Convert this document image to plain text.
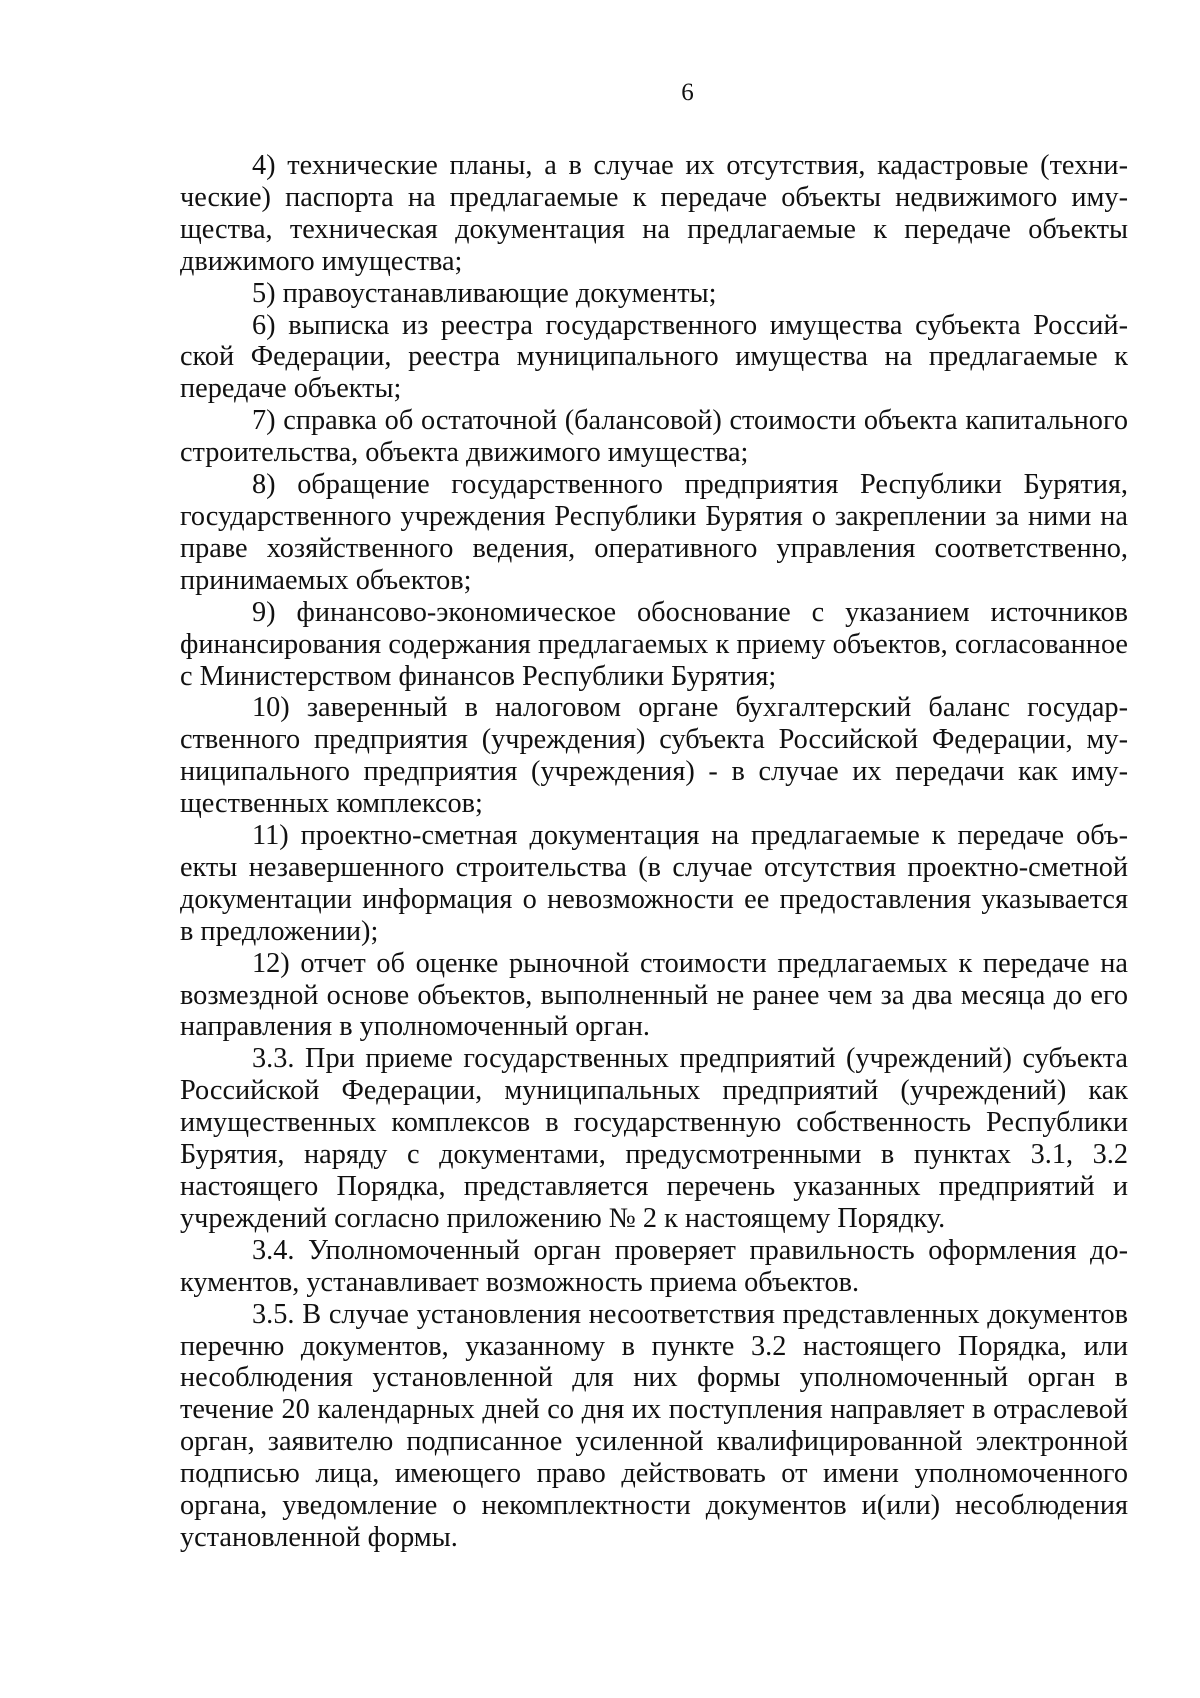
6

4) технические планы, а в случае их отсутствия, кадастровые (технические) паспорта на предлагаемые к передаче объекты недвижимого имущества, техническая документация на предлагаемые к передаче объекты движимого имущества;

5) правоустанавливающие документы;

6) выписка из реестра государственного имущества субъекта Российской Федерации, реестра муниципального имущества на предлагаемые к передаче объекты;

7) справка об остаточной (балансовой) стоимости объекта капитального строительства, объекта движимого имущества;

8) обращение государственного предприятия Республики Бурятия, государственного учреждения Республики Бурятия о закреплении за ними на праве хозяйственного ведения, оперативного управления соответственно, принимаемых объектов;

9) финансово-экономическое обоснование с указанием источников финансирования содержания предлагаемых к приему объектов, согласованное с Министерством финансов Республики Бурятия;

10) заверенный в налоговом органе бухгалтерский баланс государственного предприятия (учреждения) субъекта Российской Федерации, муниципального предприятия (учреждения) - в случае их передачи как имущественных комплексов;

11) проектно-сметная документация на предлагаемые к передаче объекты незавершенного строительства (в случае отсутствия проектно-сметной документации информация о невозможности ее предоставления указывается в предложении);

12) отчет об оценке рыночной стоимости предлагаемых к передаче на возмездной основе объектов, выполненный не ранее чем за два месяца до его направления в уполномоченный орган.

3.3. При приеме государственных предприятий (учреждений) субъекта Российской Федерации, муниципальных предприятий (учреждений) как имущественных комплексов в государственную собственность Республики Бурятия, наряду с документами, предусмотренными в пунктах 3.1, 3.2 настоящего Порядка, представляется перечень указанных предприятий и учреждений согласно приложению № 2 к настоящему Порядку.

3.4. Уполномоченный орган проверяет правильность оформления документов, устанавливает возможность приема объектов.

3.5. В случае установления несоответствия представленных документов перечню документов, указанному в пункте 3.2 настоящего Порядка, или несоблюдения установленной для них формы уполномоченный орган в течение 20 календарных дней со дня их поступления направляет в отраслевой орган, заявителю подписанное усиленной квалифицированной электронной подписью лица, имеющего право действовать от имени уполномоченного органа, уведомление о некомплектности документов и(или) несоблюдения установленной формы.
